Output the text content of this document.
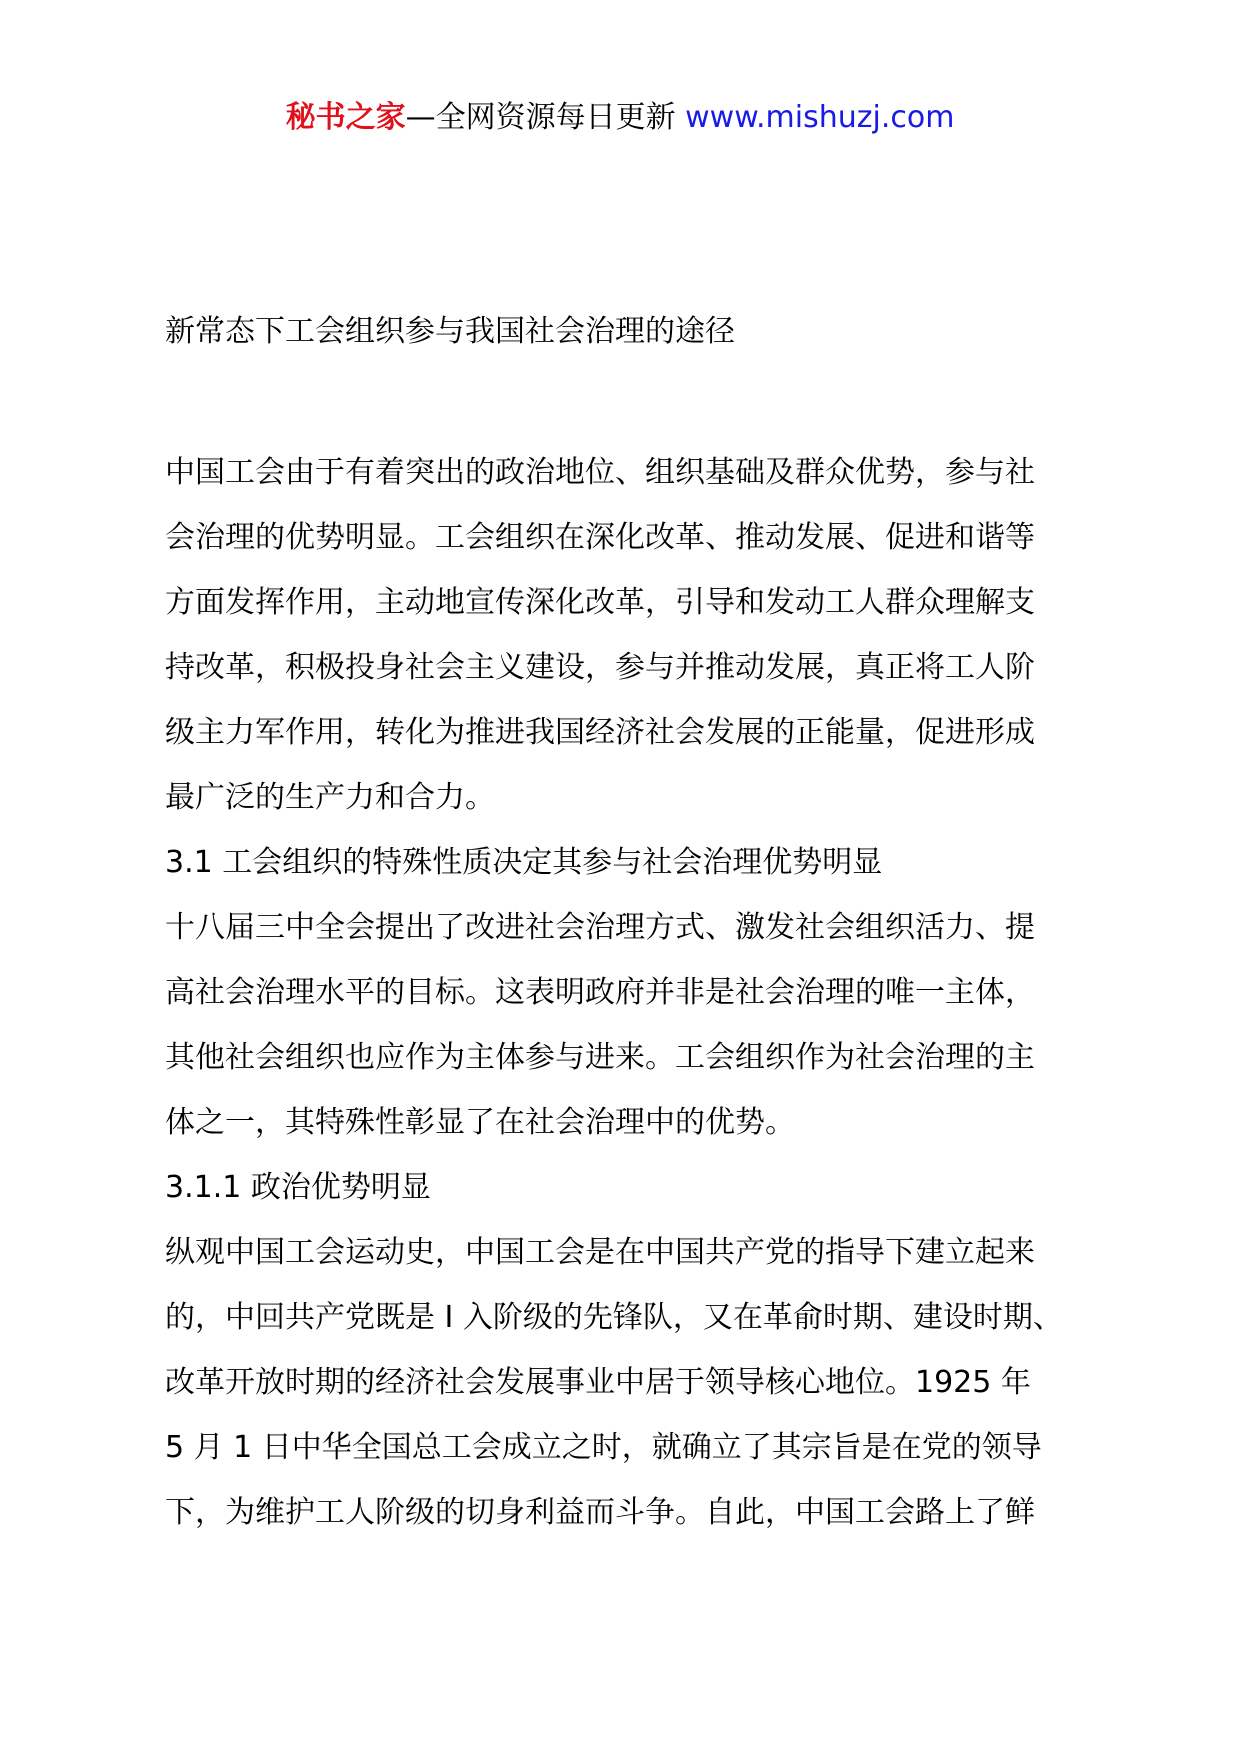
秘书之家—全网资源每日更新 www.mishuzj.com
新常态下工会组织参与我国社会治理的途径
中国工会由于有着突出的政治地位、组织基础及群众优势，参与社
会治理的优势明显。工会组织在深化改革、推动发展、促进和谐等
方面发挥作用，主动地宣传深化改革，引导和发动工人群众理解支
持改革，积极投身社会主义建设，参与并推动发展，真正将工人阶
级主力军作用，转化为推进我国经济社会发展的正能量，促进形成
最广泛的生产力和合力。
3.1 工会组织的特殊性质决定其参与社会治理优势明显
十八届三中全会提出了改进社会治理方式、激发社会组织活力、提
高社会治理水平的目标。这表明政府并非是社会治理的唯一主体，
其他社会组织也应作为主体参与进来。工会组织作为社会治理的主
体之一，其特殊性彰显了在社会治理中的优势。
3.1.1 政治优势明显
纵观中国工会运动史，中国工会是在中国共产党的指导下建立起来
的，中回共产党既是 I 入阶级的先锋队，又在革俞时期、建设时期、
改革开放时期的经济社会发展事业中居于领导核心地位。1925 年
5 月 1 日中华全国总工会成立之时，就确立了其宗旨是在党的领导
下，为维护工人阶级的切身利益而斗争。自此，中国工会路上了鲜
